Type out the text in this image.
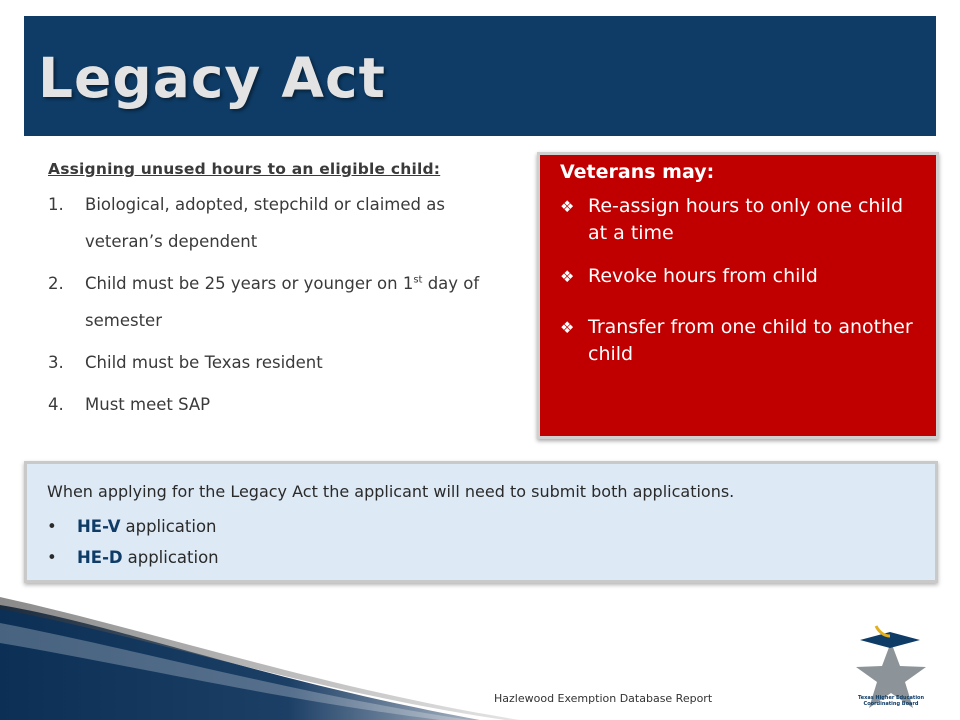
Legacy Act
Assigning unused hours to an eligible child:
1.	Biological, adopted, stepchild or claimed as veteran’s dependent
2.	Child must be 25 years or younger on 1st day of semester
3.	Child must be Texas resident
4.	Must meet SAP
Veterans may:
❖ Re-assign hours to only one child at a time
❖ Revoke hours from child
❖ Transfer from one child to another child
When applying for the Legacy Act the applicant will need to submit both applications.
•	HE-V application
•	HE-D application
Texas Higher Education Coordinating Board
Hazlewood Exemption Database Report
